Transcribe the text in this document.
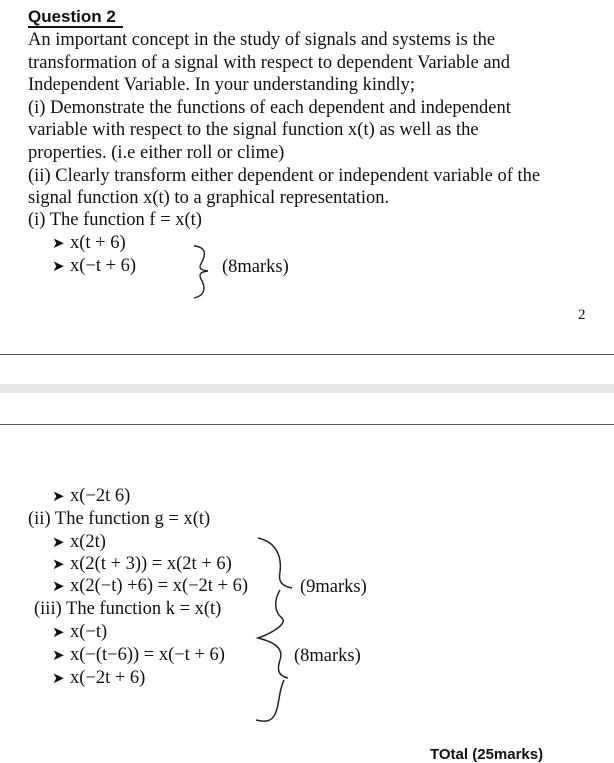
Question 2
An important concept in the study of signals and systems is the
transformation of a signal with respect to dependent Variable and
Independent Variable. In your understanding kindly;
(i) Demonstrate the functions of each dependent and independent
variable with respect to the signal function x(t) as well as the
properties. (i.e either roll or clime)
(ii) Clearly transform either dependent or independent variable of the
signal function x(t) to a graphical representation.
(i) The function f = x(t)
➤ x(t + 6)
➤ x(−t + 6)	(8marks)
2
➤ x(−2t 6)
(ii) The function g = x(t)
➤ x(2t)
➤ x(2(t + 3)) = x(2t + 6)
➤ x(2(−t) +6) = x(−2t + 6)	(9marks)
(iii) The function k = x(t)
➤ x(−t)
➤ x(−(t−6)) = x(−t + 6)
➤ x(−2t + 6)
(8marks)
TOtal (25marks)
